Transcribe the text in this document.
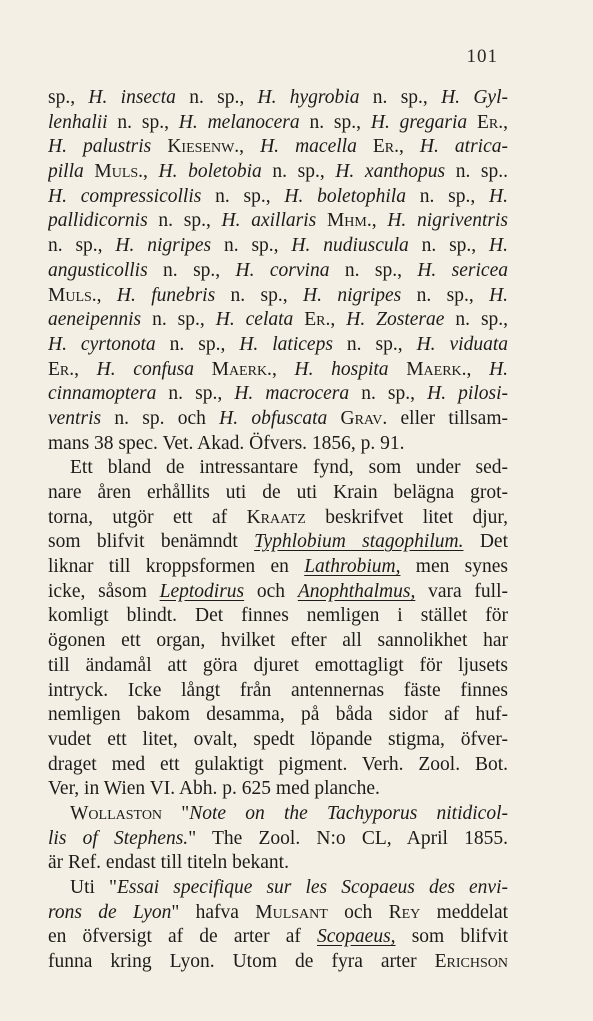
101
sp., H. insecta n. sp., H. hygrobia n. sp., H. Gyl-
lenhalii n. sp., H. melanocera n. sp., H. gregaria Er.,
H. palustris Kiesenw., H. macella Er., H. atrica-
pilla Muls., H. boletobia n. sp., H. xanthopus n. sp..
H. compressicollis n. sp., H. boletophila n. sp., H.
pallidicornis n. sp., H. axillaris Mhm., H. nigriventris
n. sp., H. nigripes n. sp., H. nudiuscula n. sp., H.
angusticollis n. sp., H. corvina n. sp., H. sericea
Muls., H. funebris n. sp., H. nigripes n. sp., H.
aeneipennis n. sp., H. celata Er., H. Zosterae n. sp.,
H. cyrtonota n. sp., H. laticeps n. sp., H. viduata
Er., H. confusa Maerk., H. hospita Maerk., H.
cinnamoptera n. sp., H. macrocera n. sp., H. pilosi-
ventris n. sp. och H. obfuscata Grav. eller tillsam-
mans 38 spec. Vet. Akad. Öfvers. 1856, p. 91.
Ett bland de intressantare fynd, som under sed-
nare åren erhållits uti de uti Krain belägna grot-
torna, utgör ett af Kraatz beskrifvet litet djur,
som blifvit benämndt Typhlobium stagophilum. Det
liknar till kroppsformen en Lathrobium, men synes
icke, såsom Leptodirus och Anophthalmus, vara full-
komligt blindt. Det finnes nemligen i stället för
ögonen ett organ, hvilket efter all sannolikhet har
till ändamål att göra djuret emottagligt för ljusets
intryck. Icke långt från antennernas fäste finnes
nemligen bakom desamma, på båda sidor af huf-
vudet ett litet, ovalt, spedt löpande stigma, öfver-
draget med ett gulaktigt pigment. Verh. Zool. Bot.
Ver, in Wien VI. Abh. p. 625 med planche.
Wollaston "Note on the Tachyporus nitidicol-
lis of Stephens." The Zool. N:o CL, April 1855.
är Ref. endast till titeln bekant.
Uti "Essai specifique sur les Scopaeus des envi-
rons de Lyon" hafva Mulsant och Rey meddelat
en öfversigt af de arter af Scopaeus, som blifvit
funna kring Lyon. Utom de fyra arter Erichson
